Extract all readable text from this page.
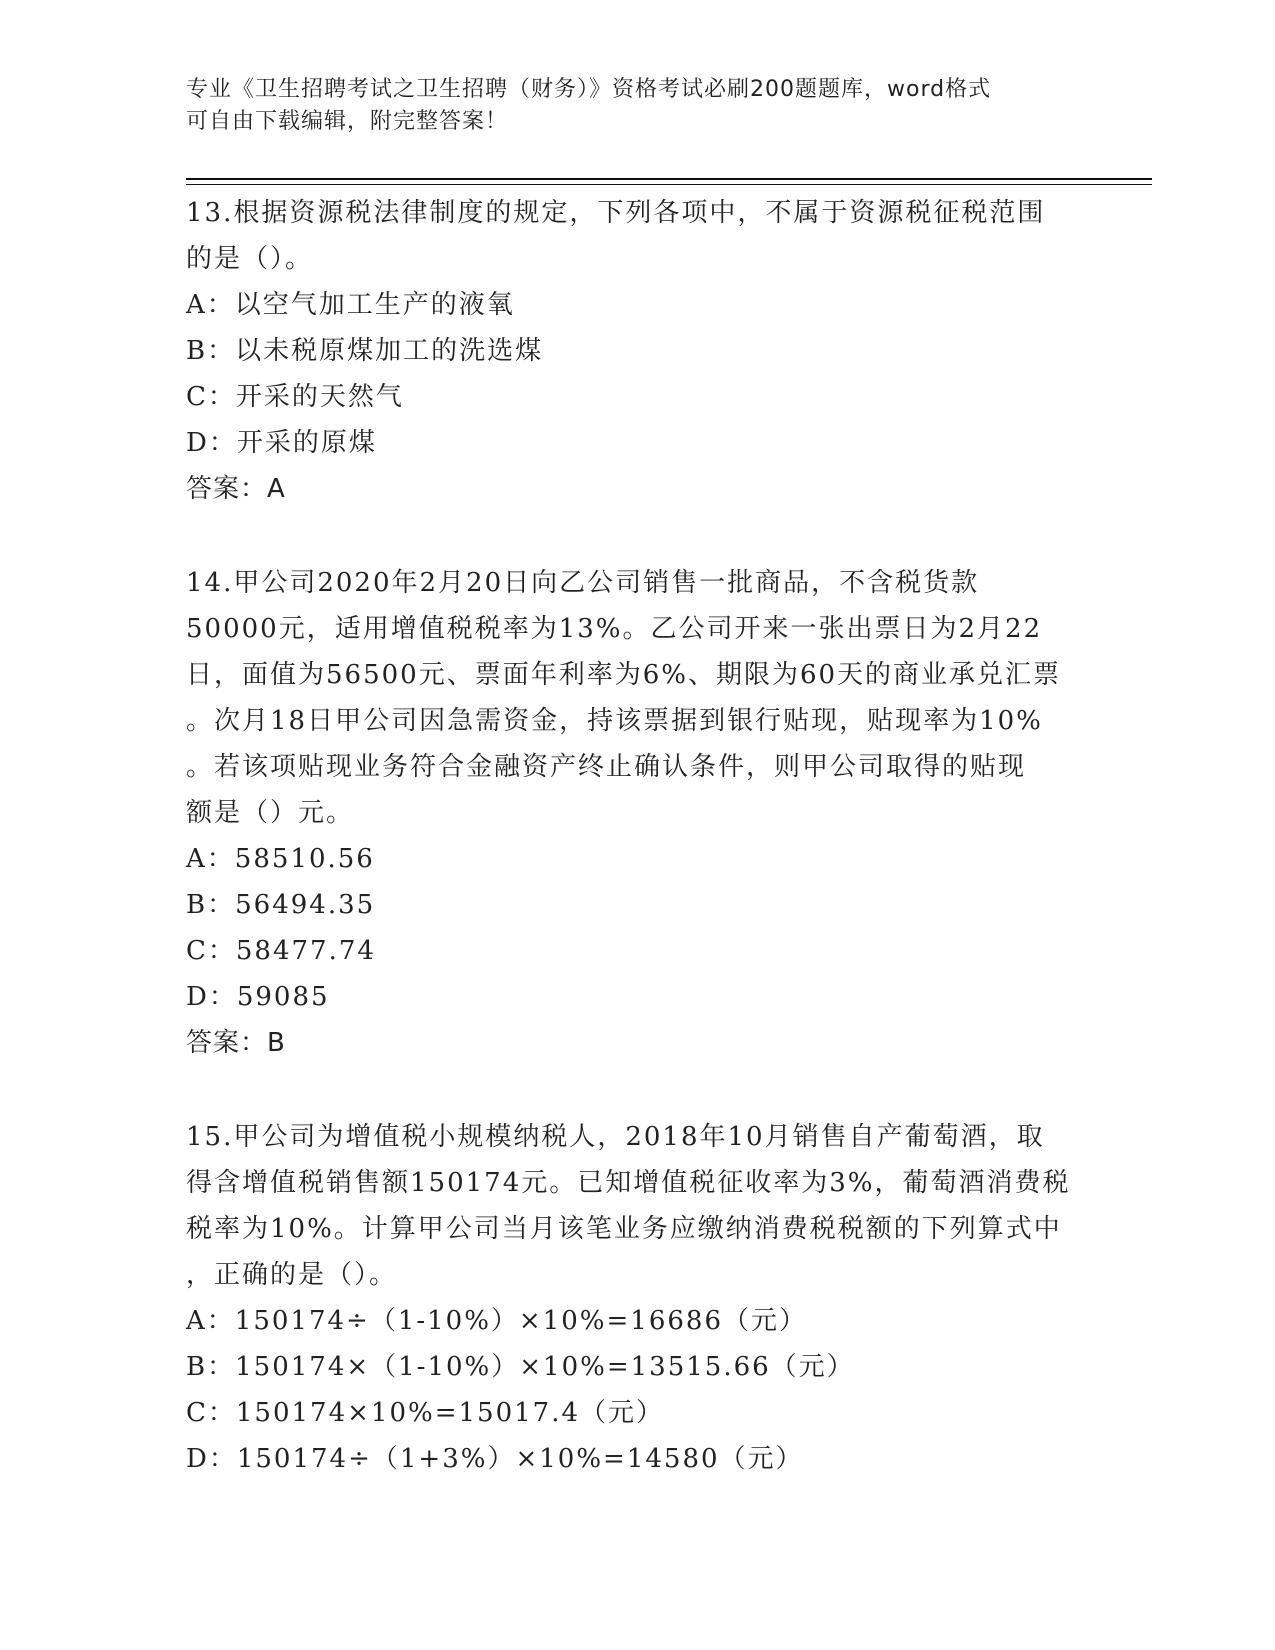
专业《卫生招聘考试之卫生招聘（财务）》资格考试必刷200题题库，word格式
可自由下载编辑，附完整答案！
13.根据资源税法律制度的规定，下列各项中，不属于资源税征税范围
的是（）。
A：以空气加工生产的液氧
B：以未税原煤加工的洗选煤
C：开采的天然气
D：开采的原煤
答案：A
14.甲公司2020年2月20日向乙公司销售一批商品，不含税货款
50000元，适用增值税税率为13%。乙公司开来一张出票日为2月22
日，面值为56500元、票面年利率为6%、期限为60天的商业承兑汇票
。次月18日甲公司因急需资金，持该票据到银行贴现，贴现率为10%
。若该项贴现业务符合金融资产终止确认条件，则甲公司取得的贴现
额是（）元。
A：58510.56
B：56494.35
C：58477.74
D：59085
答案：B
15.甲公司为增值税小规模纳税人，2018年10月销售自产葡萄酒，取
得含增值税销售额150174元。已知增值税征收率为3%，葡萄酒消费税
税率为10%。计算甲公司当月该笔业务应缴纳消费税税额的下列算式中
，正确的是（）。
A：150174÷（1-10%）×10%=16686（元）
B：150174×（1-10%）×10%=13515.66（元）
C：150174×10%=15017.4（元）
D：150174÷（1+3%）×10%=14580（元）
